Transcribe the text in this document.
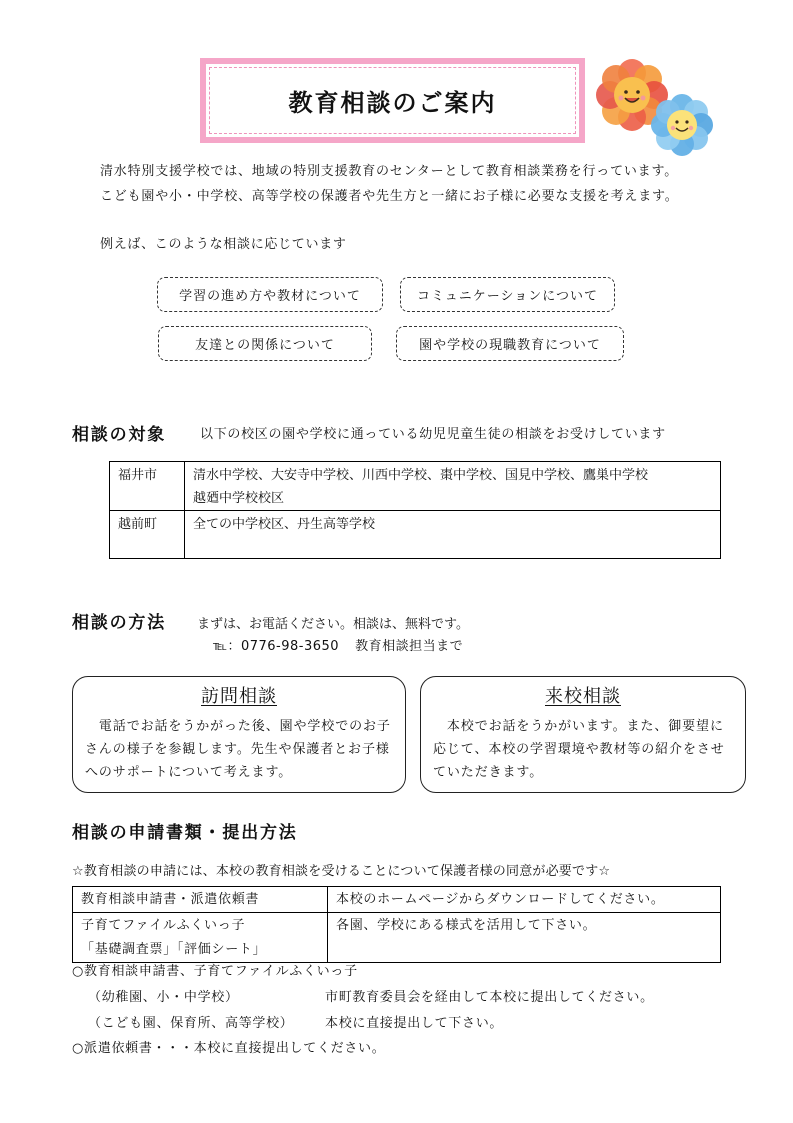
教育相談のご案内
清水特別支援学校では、地域の特別支援教育のセンターとして教育相談業務を行っています。
こども園や小・中学校、高等学校の保護者や先生方と一緒にお子様に必要な支援を考えます。
例えば、このような相談に応じています
学習の進め方や教材について	コミュニケーションについて
友達との関係について	園や学校の現職教育について
相談の対象	以下の校区の園や学校に通っている幼児児童生徒の相談をお受けしています
福井市	清水中学校、大安寺中学校、川西中学校、棗中学校、国見中学校、鷹巣中学校
越廼中学校校区

越前町	全ての中学校区、丹生高等学校
相談の方法 まずは、お電話ください。相談は、無料です。
℡：0776-98-3650 教育相談担当まで
訪問相談
　電話でお話をうかがった後、園や学校でのお子
さんの様子を参観します。先生や保護者とお子様
へのサポートについて考えます。
来校相談
　本校でお話をうかがいます。また、御要望に
応じて、本校の学習環境や教材等の紹介をさせ
ていただきます。
相談の申請書類・提出方法
☆教育相談の申請には、本校の教育相談を受けることについて保護者様の同意が必要です☆
教育相談申請書・派遣依頼書	本校のホームページからダウンロードしてください。

子育てファイルふくいっ子
「基礎調査票」「評価シート」	各園、学校にある様式を活用して下さい。
○教育相談申請書、子育てファイルふくいっ子
（幼稚園、小・中学校）	市町教育委員会を経由して本校に提出してください。
（こども園、保育所、高等学校） 本校に直接提出して下さい。
○派遣依頼書・・・本校に直接提出してください。
